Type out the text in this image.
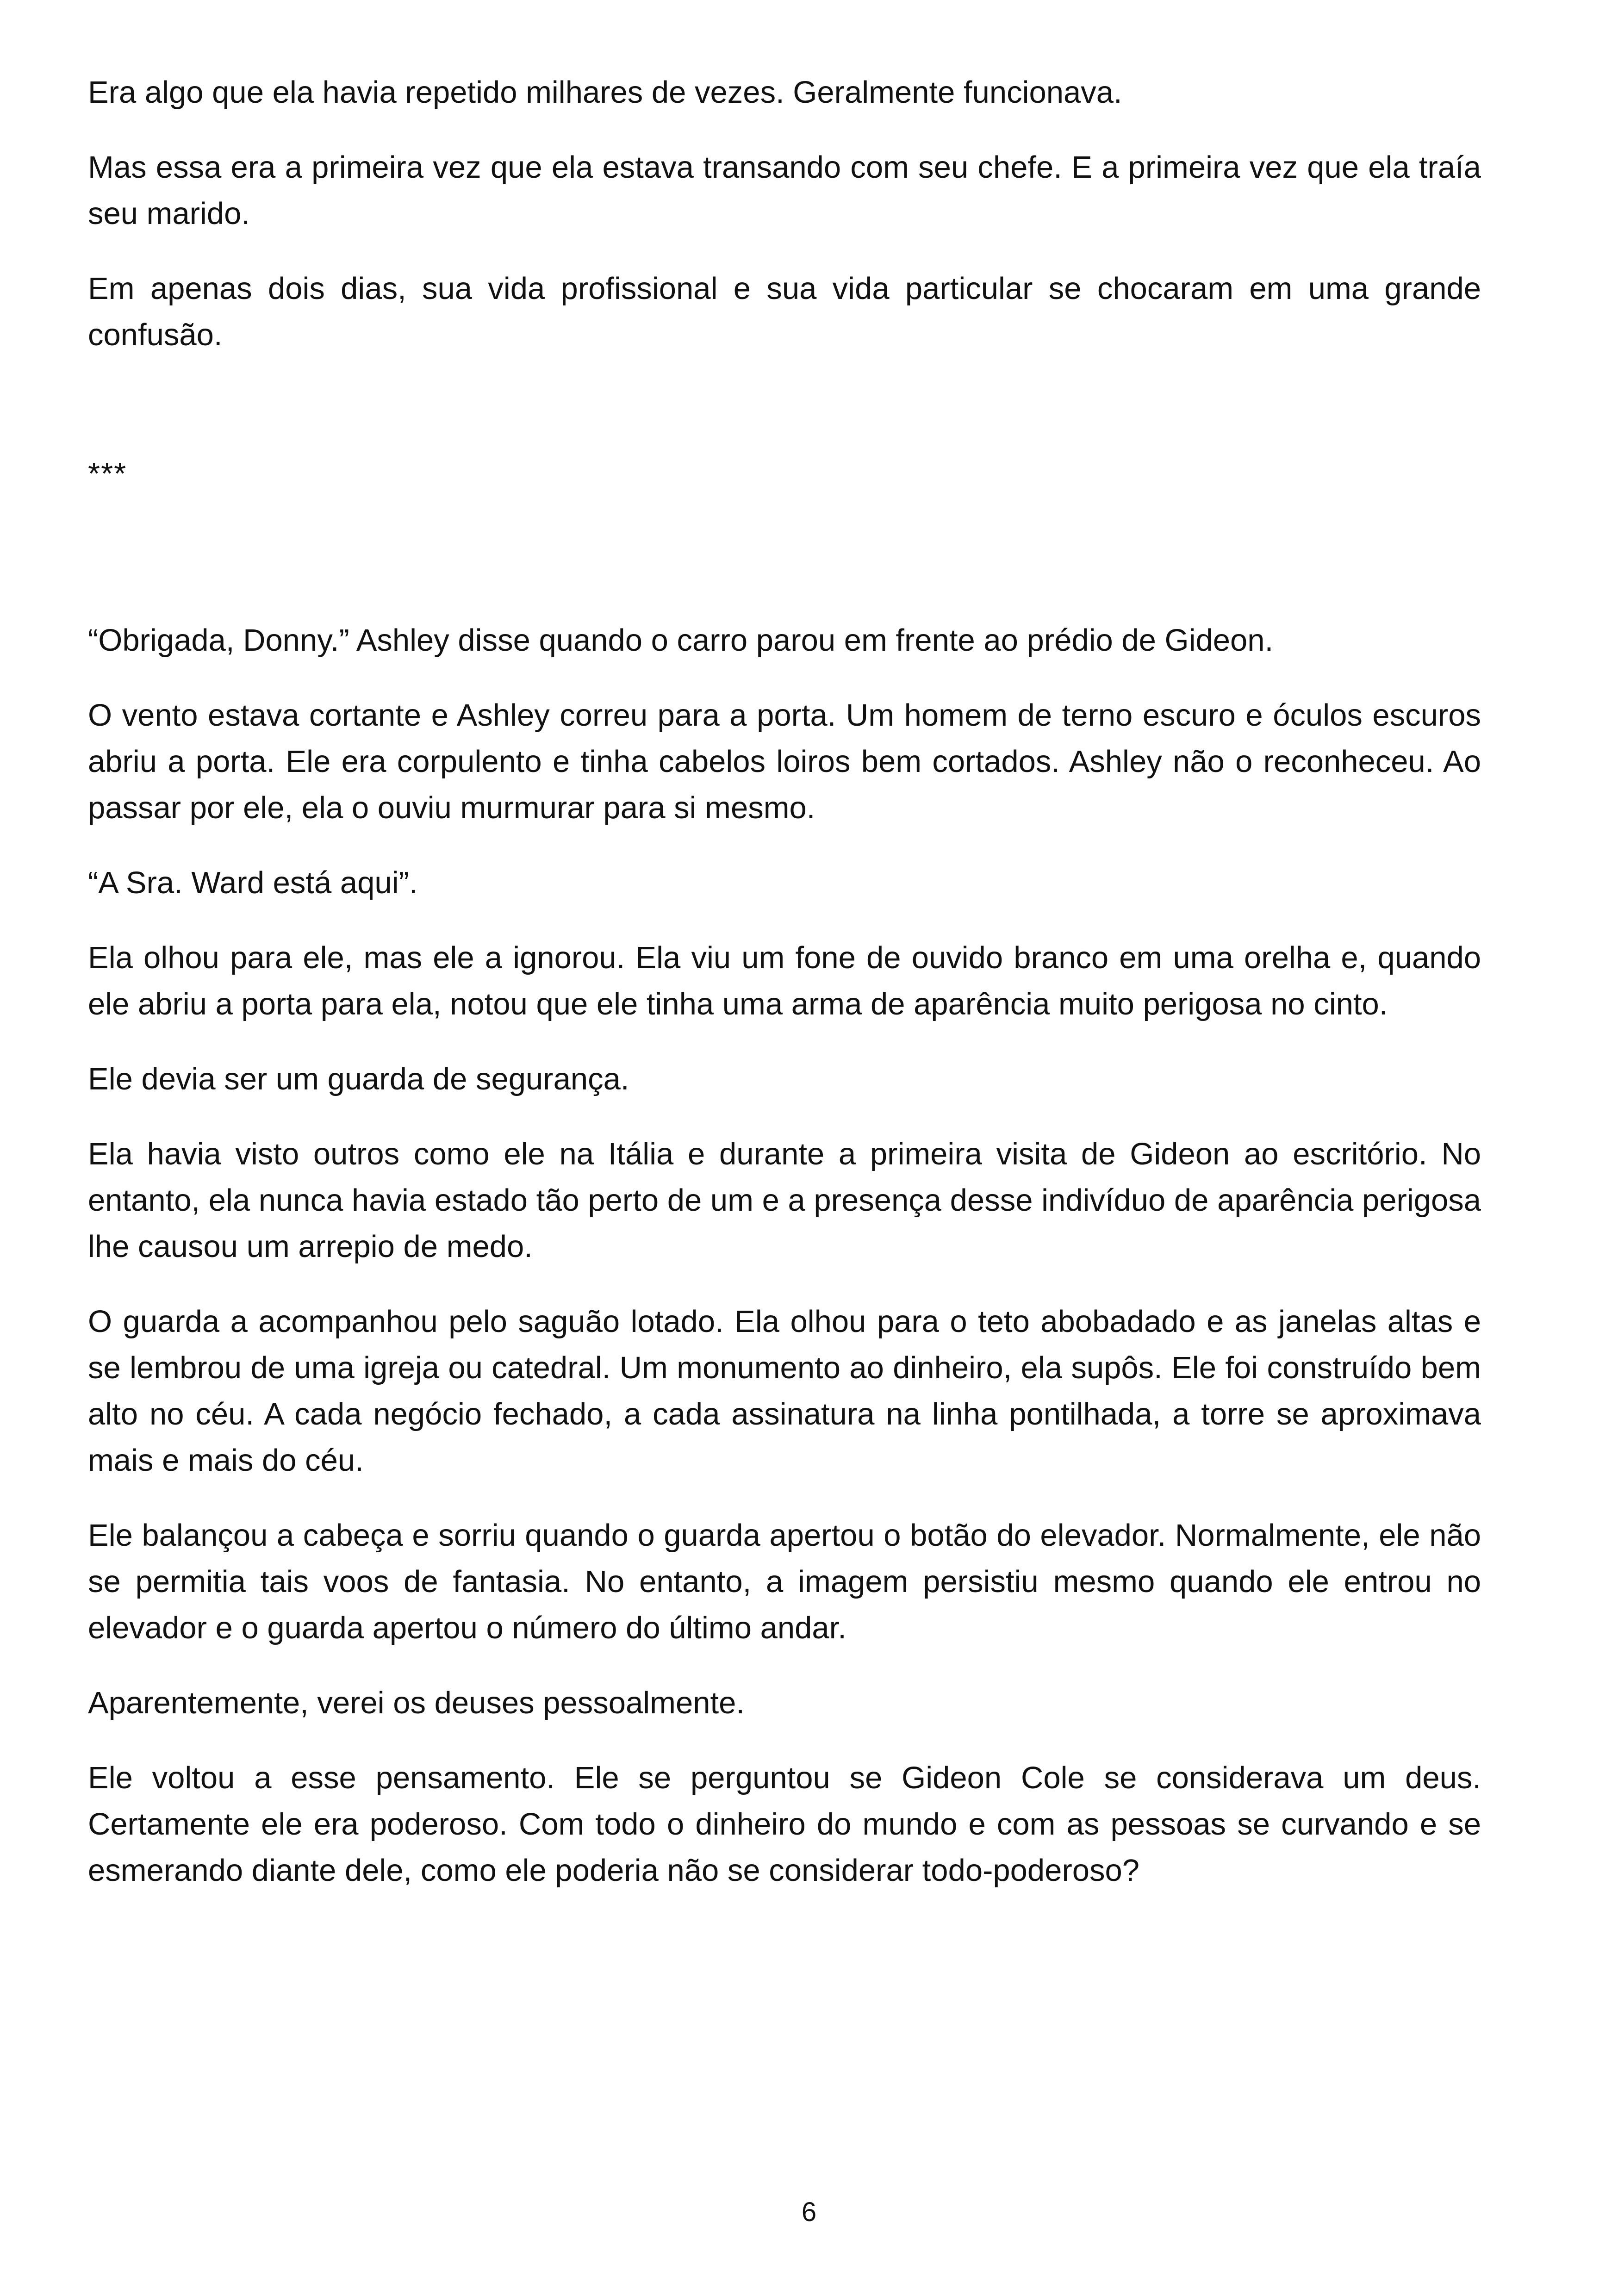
Era algo que ela havia repetido milhares de vezes. Geralmente funcionava.

Mas essa era a primeira vez que ela estava transando com seu chefe. E a primeira vez que ela traía seu marido.

Em apenas dois dias, sua vida profissional e sua vida particular se chocaram em uma grande confusão.

***

“Obrigada, Donny.” Ashley disse quando o carro parou em frente ao prédio de Gideon.

O vento estava cortante e Ashley correu para a porta. Um homem de terno escuro e óculos escuros abriu a porta. Ele era corpulento e tinha cabelos loiros bem cortados. Ashley não o reconheceu. Ao passar por ele, ela o ouviu murmurar para si mesmo.

“A Sra. Ward está aqui”.

Ela olhou para ele, mas ele a ignorou. Ela viu um fone de ouvido branco em uma orelha e, quando ele abriu a porta para ela, notou que ele tinha uma arma de aparência muito perigosa no cinto.

Ele devia ser um guarda de segurança.

Ela havia visto outros como ele na Itália e durante a primeira visita de Gideon ao escritório. No entanto, ela nunca havia estado tão perto de um e a presença desse indivíduo de aparência perigosa lhe causou um arrepio de medo.

O guarda a acompanhou pelo saguão lotado. Ela olhou para o teto abobadado e as janelas altas e se lembrou de uma igreja ou catedral. Um monumento ao dinheiro, ela supôs. Ele foi construído bem alto no céu. A cada negócio fechado, a cada assinatura na linha pontilhada, a torre se aproximava mais e mais do céu.

Ele balançou a cabeça e sorriu quando o guarda apertou o botão do elevador. Normalmente, ele não se permitia tais voos de fantasia. No entanto, a imagem persistiu mesmo quando ele entrou no elevador e o guarda apertou o número do último andar.

Aparentemente, verei os deuses pessoalmente.

Ele voltou a esse pensamento. Ele se perguntou se Gideon Cole se considerava um deus. Certamente ele era poderoso. Com todo o dinheiro do mundo e com as pessoas se curvando e se esmerando diante dele, como ele poderia não se considerar todo-poderoso?

6
